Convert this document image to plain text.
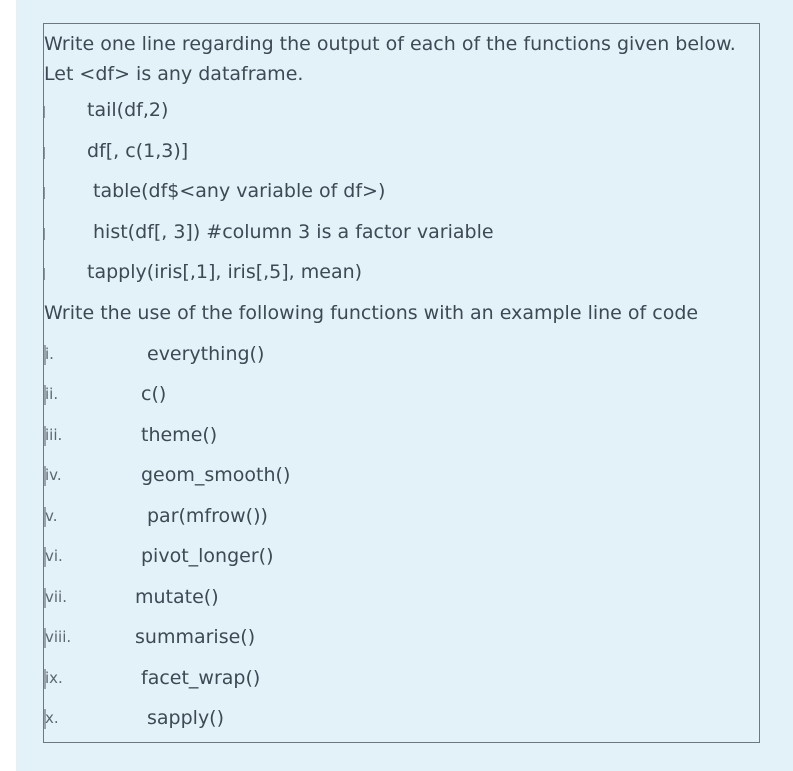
Write one line regarding the output of each of the functions given below. Let <df> is any dataframe.
tail(df,2)
df[, c(1,3)]
table(df$<any variable of df>)
hist(df[, 3]) #column 3 is a factor variable
tapply(iris[,1], iris[,5], mean)
Write the use of the following functions with an example line of code
i.	everything()
ii.	c()
iii.	theme()
iv.	geom_smooth()
v.	par(mfrow())
vi.	pivot_longer()
vii.	mutate()
viii.	summarise()
ix.	facet_wrap()
x.	sapply()
